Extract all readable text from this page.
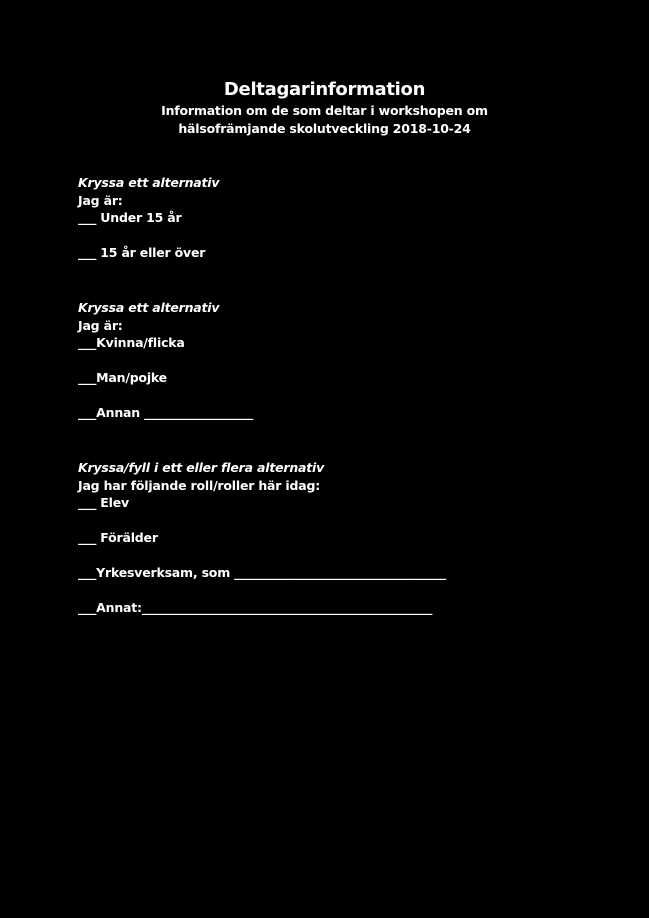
Deltagarinformation
Information om de som deltar i workshopen om
hälsofrämjande skolutveckling 2018-10-24
Kryssa ett alternativ
Jag är:
___ Under 15 år
___ 15 år eller över
Kryssa ett alternativ
Jag är:
___Kvinna/flicka
___Man/pojke
___Annan __________________
Kryssa/fyll i ett eller flera alternativ
Jag har följande roll/roller här idag:
___ Elev
___ Förälder
___Yrkesverksam, som ___________________________________
___Annat:________________________________________________
